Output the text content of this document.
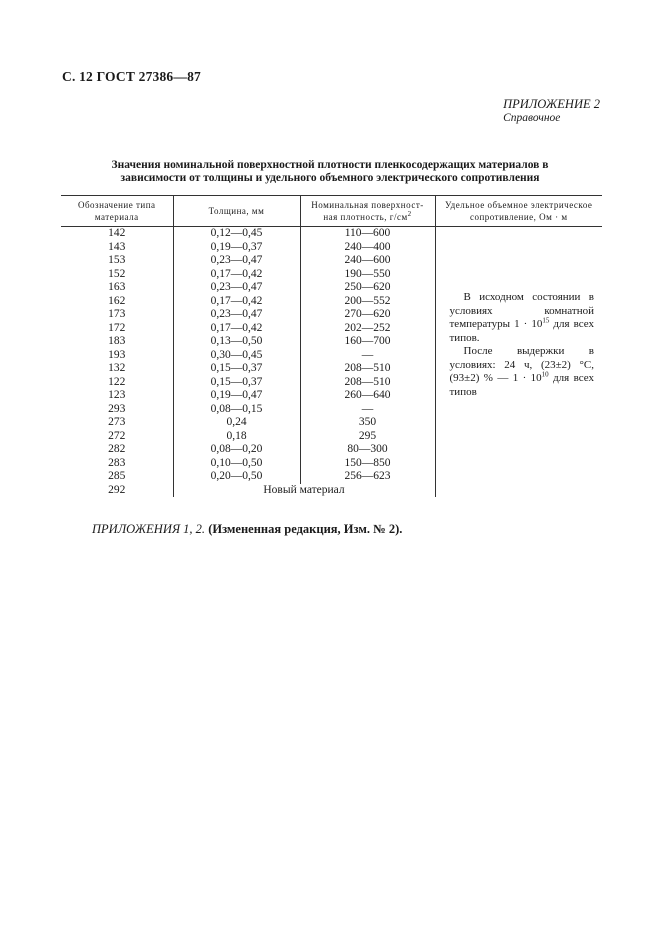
С. 12 ГОСТ 27386—87
ПРИЛОЖЕНИЕ 2
Справочное
Значения номинальной поверхностной плотности пленкосодержащих материалов в
зависимости от толщины и удельного объемного электрического сопротивления
Обозначение типа материала	Толщина, мм	Номинальная поверхност-ная плотность, $г/см^2$	Удельное объемное электрическое сопротивление, Ом · м
142	0,12—0,45	110—600	В исходном состоянии в условиях комнатной температуры $1 \cdot 10^{15}$ для всех типов.

После выдержки в условиях: 24 ч, (23±2) °С, (93±2) % — $1 \cdot 10^{10}$ для всех типов

143	0,19—0,37	240—400	
153	0,23—0,47	240—600	
152	0,17—0,42	190—550	
163	0,23—0,47	250—620	
162	0,17—0,42	200—552	
173	0,23—0,47	270—620	
172	0,17—0,42	202—252	
183	0,13—0,50	160—700	
193	0,30—0,45	—	
132	0,15—0,37	208—510	
122	0,15—0,37	208—510	
123	0,19—0,47	260—640	
293	0,08—0,15	—	
273	0,24	350	
272	0,18	295	
282	0,08—0,20	80—300	
283	0,10—0,50	150—850	
285	0,20—0,50	256—623	
292	Новый материал		
ПРИЛОЖЕНИЯ 1, 2. (Измененная редакция, Изм. № 2).
